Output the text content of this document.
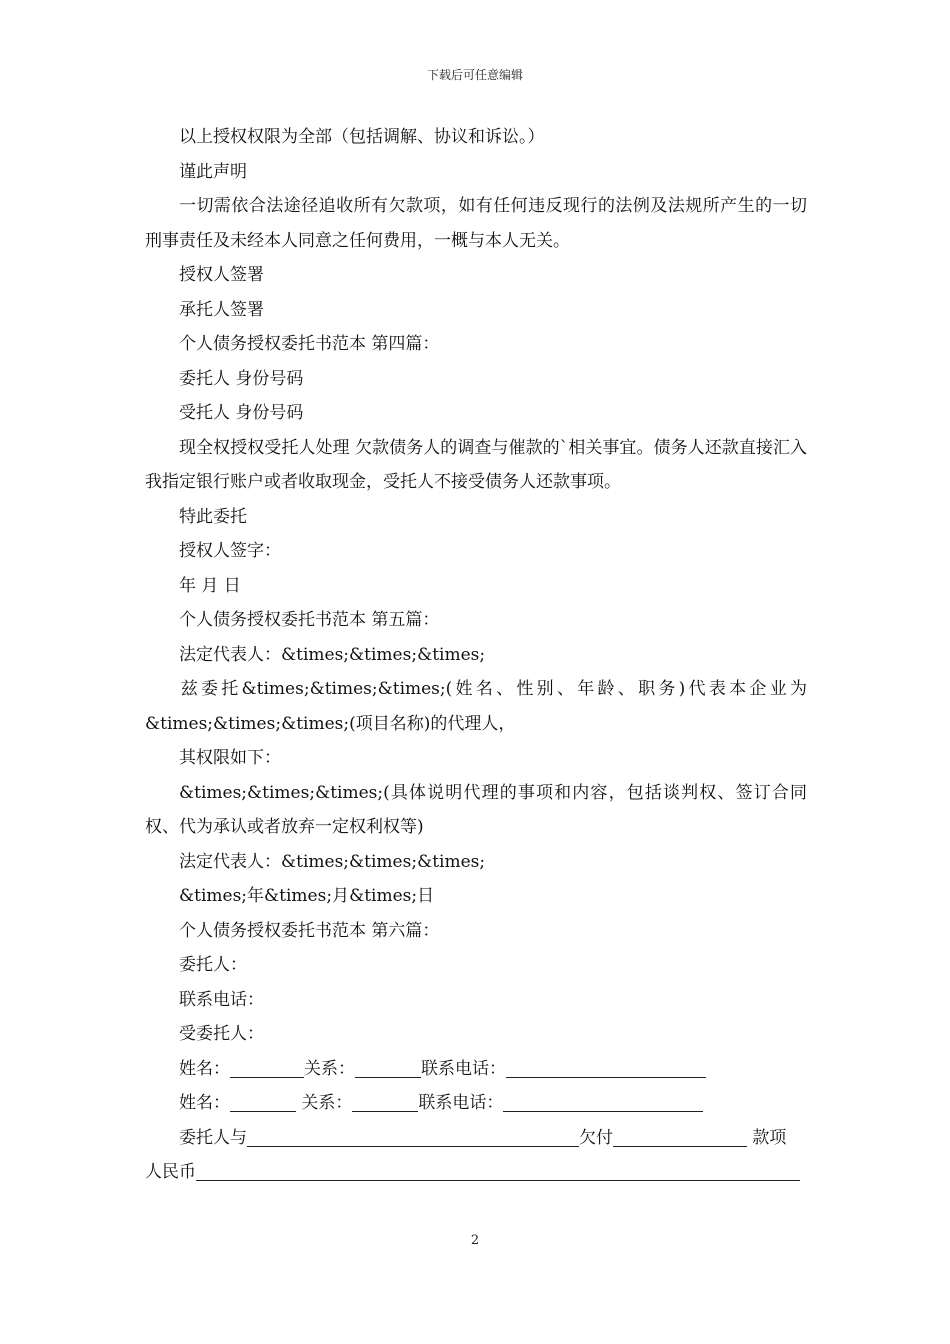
下载后可任意编辑

以上授权权限为全部（包括调解、协议和诉讼。）

谨此声明

一切需依合法途径追收所有欠款项，如有任何违反现行的法例及法规所产生的一切刑事责任及未经本人同意之任何费用，一概与本人无关。

授权人签署

承托人签署

个人债务授权委托书范本 第四篇：

委托人 身份号码

受托人 身份号码

现全权授权受托人处理 欠款债务人的调查与催款的`相关事宜。债务人还款直接汇入我指定银行账户或者收取现金，受托人不接受债务人还款事项。

特此委托

授权人签字：

年 月 日

个人债务授权委托书范本 第五篇：

法定代表人：&times;&times;&times;

兹委托&times;&times;&times;(姓名、性别、年龄、职务)代表本企业为&times;&times;&times;(项目名称)的代理人，

其权限如下：

&times;&times;&times;(具体说明代理的事项和内容，包括谈判权、签订合同权、代为承认或者放弃一定权利权等)

法定代表人：&times;&times;&times;

&times;年&times;月&times;日

个人债务授权委托书范本 第六篇：

委托人：

联系电话：

受委托人：

姓名：	关系：	联系电话：

姓名：	关系：	联系电话：

委托人与	欠付	款项

人民币

2
